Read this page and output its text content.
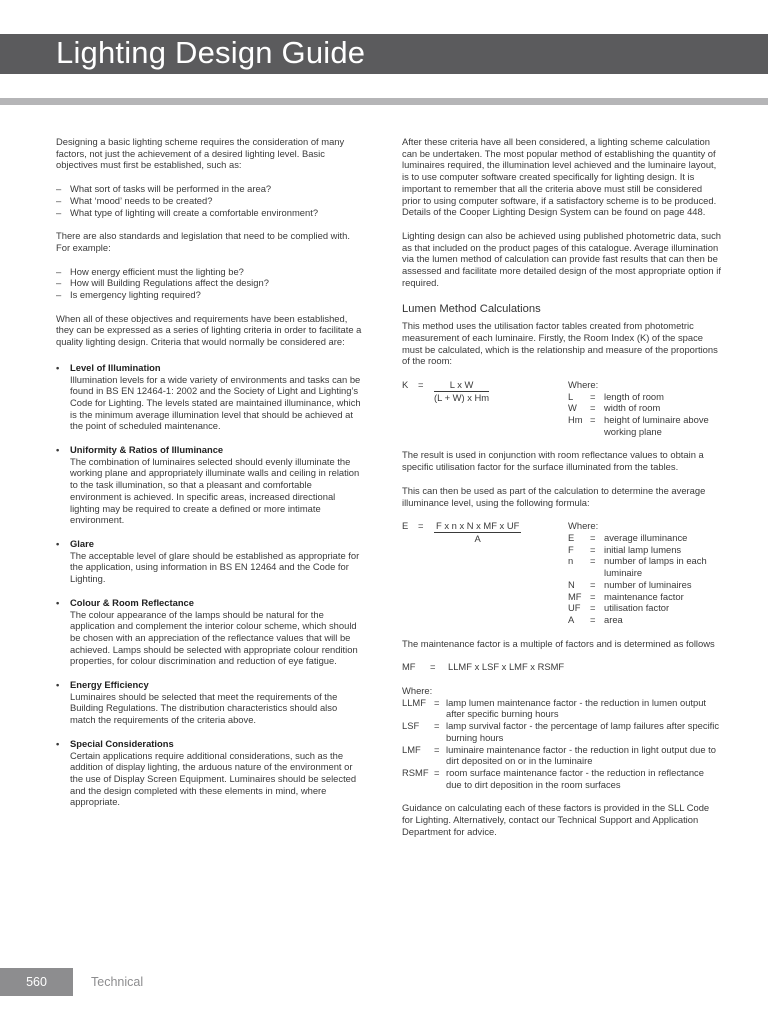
Lighting Design Guide

Designing a basic lighting scheme requires the consideration of many factors, not just the achievement of a desired lighting level. Basic objectives must first be established, such as:

– What sort of tasks will be performed in the area?
– What ‘mood’ needs to be created?
– What type of lighting will create a comfortable environment?

There are also standards and legislation that need to be complied with. For example:

– How energy efficient must the lighting be?
– How will Building Regulations affect the design?
– Is emergency lighting required?

When all of these objectives and requirements have been established, they can be expressed as a series of lighting criteria in order to facilitate a quality lighting design. Criteria that would normally be considered are:

• Level of Illumination
Illumination levels for a wide variety of environments and tasks can be found in BS EN 12464-1: 2002 and the Society of Light and Lighting’s Code for Lighting. The levels stated are maintained illuminance, which is the minimum average illumination level that should be achieved at the point of scheduled maintenance.
• Uniformity & Ratios of Illuminance
The combination of luminaires selected should evenly illuminate the working plane and appropriately illuminate walls and ceiling in relation to the task illumination, so that a pleasant and comfortable environment is achieved. In specific areas, increased directional lighting may be required to create a defined or more intimate environment.
• Glare
The acceptable level of glare should be established as appropriate for the application, using information in BS EN 12464 and the Code for Lighting.
• Colour & Room Reflectance
The colour appearance of the lamps should be natural for the application and complement the interior colour scheme, which should be chosen with an appreciation of the reflectance values that will be achieved. Lamps should be selected with appropriate colour rendition properties, for colour discrimination and reduction of eye fatigue.
• Energy Efficiency
Luminaires should be selected that meet the requirements of the Building Regulations. The distribution characteristics should also match the requirements of the criteria above.
• Special Considerations
Certain applications require additional considerations, such as the addition of display lighting, the arduous nature of the environment or the use of Display Screen Equipment. Luminaires should be selected and the design completed with these elements in mind, where appropriate.

After these criteria have all been considered, a lighting scheme calculation can be undertaken. The most popular method of establishing the quantity of luminaires required, the illumination level achieved and the luminaire layout, is to use computer software created specifically for lighting design. It is important to remember that all the criteria above must still be considered prior to using computer software, if a satisfactory scheme is to be produced. Details of the Cooper Lighting Design System can be found on page 448.

Lighting design can also be achieved using published photometric data, such as that included on the product pages of this catalogue. Average illumination via the lumen method of calculation can provide fast results that can then be assessed and facilitate more detailed design of the most appropriate option if required.

Lumen Method Calculations

This method uses the utilisation factor tables created from photometric measurement of each luminaire. Firstly, the Room Index (K) of the space must be calculated, which is the relationship and measure of the proportions of the room:

$K = \frac{\text{L x W}}{\text{(L + W) x Hm}}$	Where:
L	= length of room
W	= width of room
Hm = height of luminaire above working plane

The result is used in conjunction with room reflectance values to obtain a specific utilisation factor for the surface illuminated from the tables.

This can then be used as part of the calculation to determine the average illuminance level, using the following formula:

$E = \frac{\text{F x n x N x MF x UF}}{A}$	Where:
E	= average illuminance
F	= initial lamp lumens
n	= number of lamps in each luminaire
N	= number of luminaires
MF = maintenance factor
UF	= utilisation factor
A	= area

The maintenance factor is a multiple of factors and is determined as follows

MF	=	LLMF x LSF x LMF x RSMF
Where:
LLMF = lamp lumen maintenance factor - the reduction in lumen output after specific burning hours
LSF	= lamp survival factor - the percentage of lamp failures after specific burning hours
LMF	= luminaire maintenance factor - the reduction in light output due to dirt deposited on or in the luminaire
RSMF = room surface maintenance factor - the reduction in reflectance due to dirt deposition in the room surfaces

Guidance on calculating each of these factors is provided in the SLL Code for Lighting. Alternatively, contact our Technical Support and Application Department for advice.

560	Technical
